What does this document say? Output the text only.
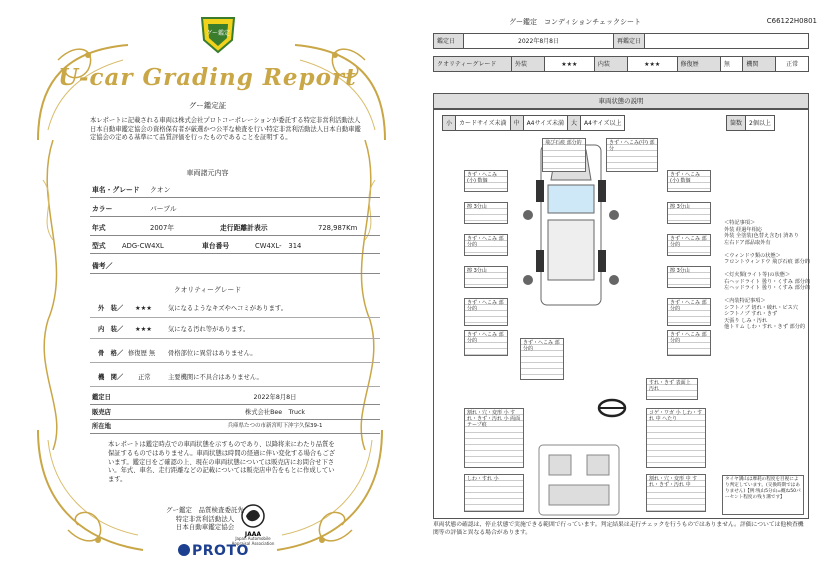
グー鑑定
U-car Grading Report
グー鑑定証
本レポートに記載される車両は株式会社プロトコーポレーションが委託する特定非営利活動法人日本自動車鑑定協会の資格保有者が厳選かつ公平な検査を行い特定非営利活動法人日本自動車鑑定協会の定める基準にて品質評価を行ったものであることを証明する。
車両諸元内容
車名・グレード クオン
カラー	パープル
年式	2007年	走行距離計表示	728,987Km
型式 ADG-CW4XL	車台番号	CW4XL-　314
備考／
クオリティーグレード
外　装／ ★★★	気になるようなキズやヘコミがあります。
内　装／ ★★★	気になる汚れ等があります。
骨　格／ 修復歴 無 骨格部位に異常はありません。
機　関／ 正常	主要機関に不具合はありません。
鑑定日	2022年8月8日
販売店	株式会社Bee　Truck
所在地	兵庫県たつの市新宮町下沖字久保39-1
本レポートは鑑定時点での車両状態を示すものであり、以降将来にわたり品質を保証するものではありません。車両状態は時間の経過に伴い変化する場合もございます。鑑定日をご確認の上、現在の車両状態については販売店にお問合せ下さい。年式、車名、走行距離などの記載については販売店申告をもとに作成しています。
グー鑑定　品質検査委託先
特定非営利活動法人
日本自動車鑑定協会
JAAA
Japan Automobile Appraisal Association
PROTO
グー鑑定　コンディションチェックシート	C66122H0801
鑑定日	2022年8月8日	再鑑定日	
クオリティーグレード	外装	★★★	内装	★★★	修復歴	無	機関	正常
車両状態の説明
小	カードサイズ未満	中	A4サイズ未満	大	A4サイズ以上	箇数	2個以上
飛び石痕 部分的	きず・へこみ(中) 部分
きず・へこみ(小) 数個
きず・へこみ(小) 数個
擦 3分山	擦 3分山
きず・へこみ 部分的
きず・へこみ 部分的
擦 3分山	擦 3分山
きず・へこみ 部分的
きず・へこみ 部分的
きず・へこみ 部分的
きず・へこみ 部分的
きず・へこみ 部分的
すれ・きず 表面上汚れ
割れ・穴・変形 小 すれ・きず・汚れ 小 両面テープ痕
コゲ・ワガ 小 しわ・すれ 中 へたり
割れ・穴・変形 中 すれ・きず・汚れ 中
しわ・すれ 小
＜特記事項＞
外装 経過年相応
外装 全塗装(色替え含む) 済あり
左右ドア部品取外有

＜ウィンドウ類の状態＞
フロントウィンドウ 飛び石痕 部分的

＜灯火類(ライト等)の状態＞
右ヘッドライト 曇り・くすみ 部分的
左ヘッドライト 曇り・くすみ 部分的

＜内装特記事項＞
シフトノブ 切れ・破れ・ピス穴
シフトノブ すれ・きず
天張り しみ・汚れ
他トリム しわ・すれ・きず 部分的
タイヤ溝山は摩耗の程度を目視により判定しています。(交換時期ではありません)【例:残山5分山=概ね50パーセント程度の残り溝です】
車両状態の確認は、停止状態で実施できる範囲で行っています。判定結果は走行チェックを行うものではありません。評価については他検査機関等の評価と異なる場合があります。
